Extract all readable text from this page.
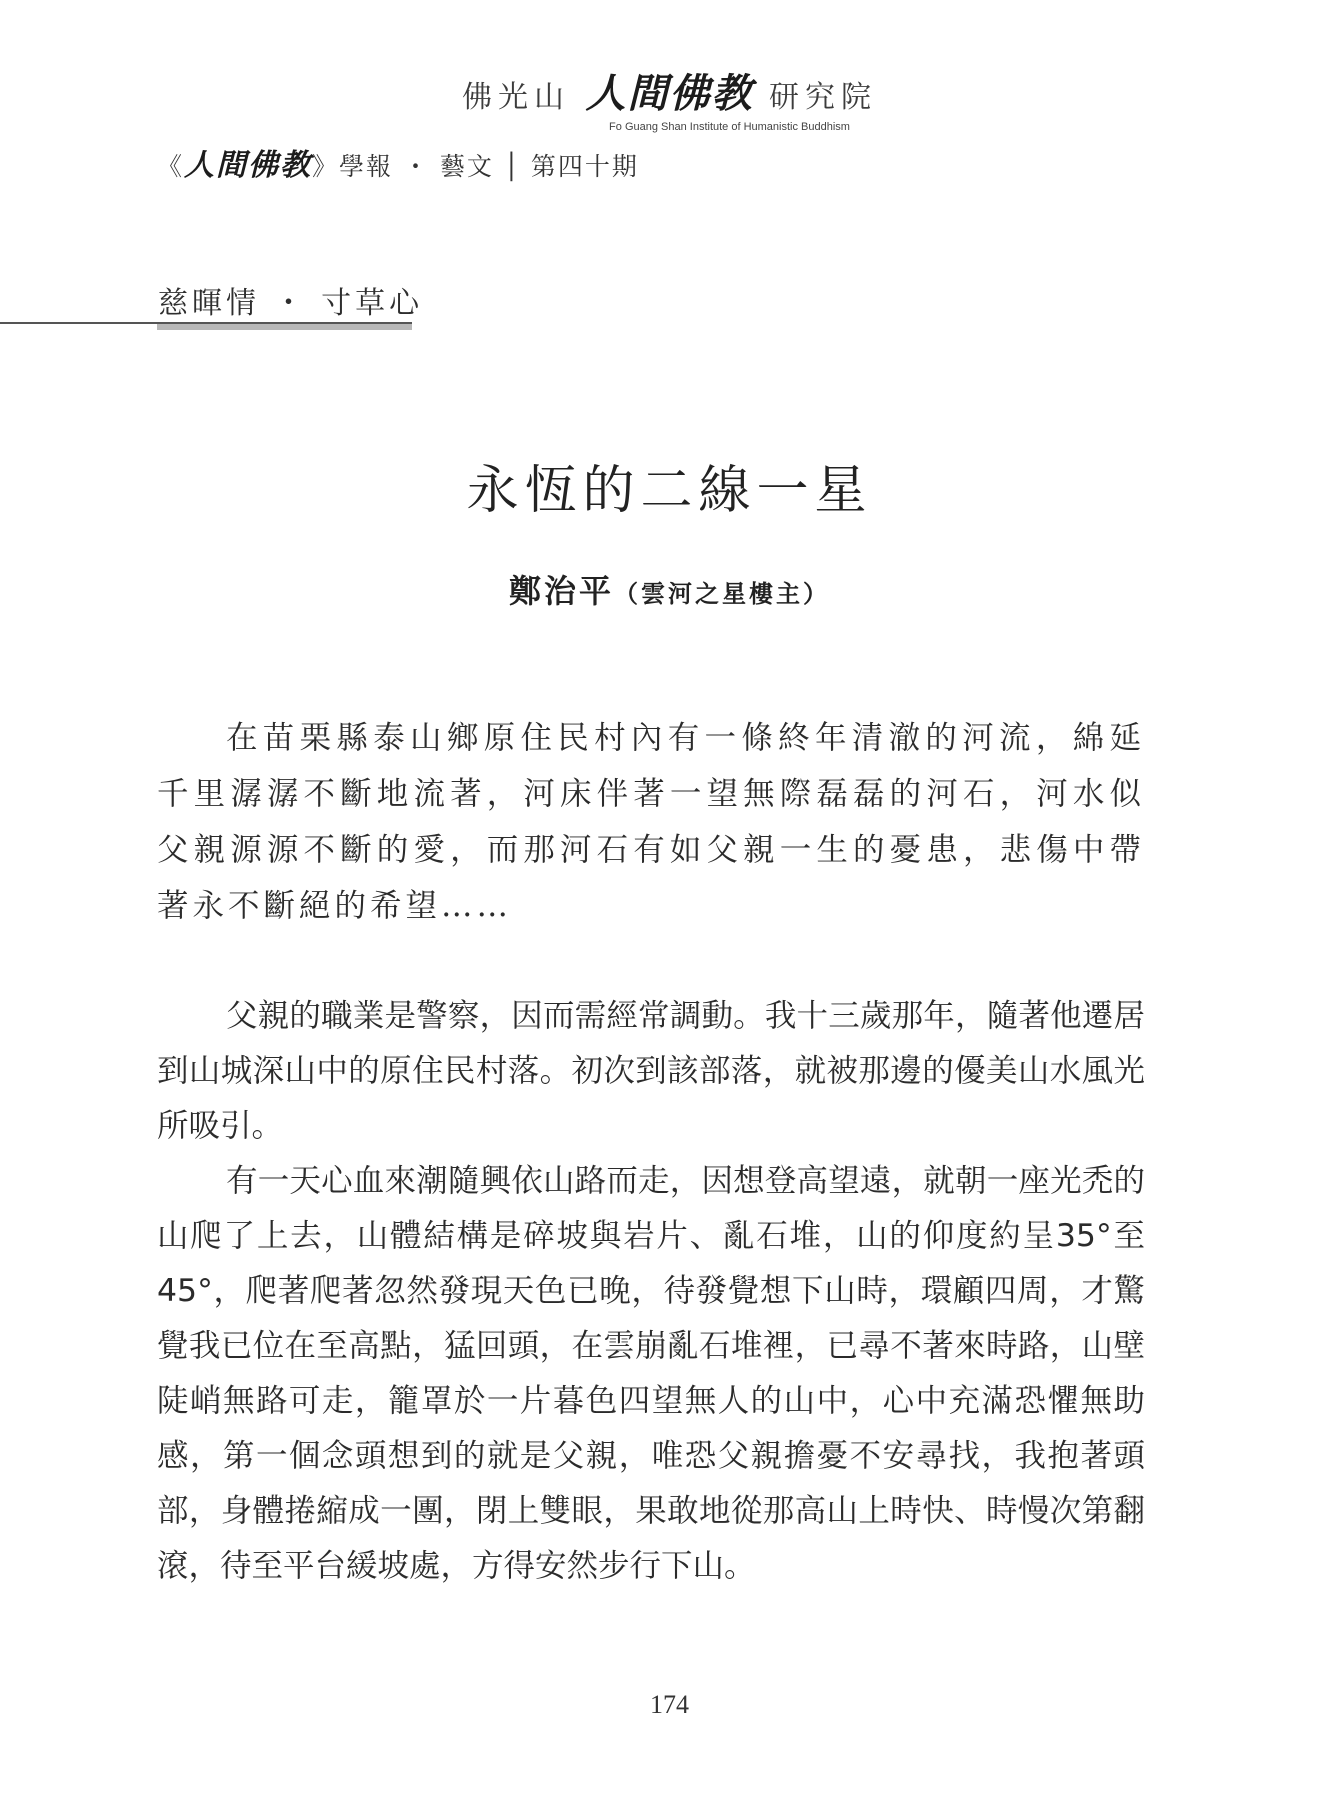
佛光山 人間佛教 研究院
Fo Guang Shan Institute of Humanistic Buddhism
《人間佛教》學報 ・ 藝文 │ 第四十期
慈暉情 ・ 寸草心
永恆的二線一星
鄭治平（雲河之星樓主）

在苗栗縣泰山鄉原住民村內有一條終年清澈的河流，綿延千里潺潺不斷地流著，河床伴著一望無際磊磊的河石，河水似父親源源不斷的愛，而那河石有如父親一生的憂患，悲傷中帶著永不斷絕的希望……

父親的職業是警察，因而需經常調動。我十三歲那年，隨著他遷居到山城深山中的原住民村落。初次到該部落，就被那邊的優美山水風光所吸引。

有一天心血來潮隨興依山路而走，因想登高望遠，就朝一座光禿的山爬了上去，山體結構是碎坡與岩片、亂石堆，山的仰度約呈35°至 45°，爬著爬著忽然發現天色已晚，待發覺想下山時，環顧四周，才驚覺我已位在至高點，猛回頭，在雲崩亂石堆裡，已尋不著來時路，山壁陡峭無路可走，籠罩於一片暮色四望無人的山中，心中充滿恐懼無助感，第一個念頭想到的就是父親，唯恐父親擔憂不安尋找，我抱著頭部，身體捲縮成一團，閉上雙眼，果敢地從那高山上時快、時慢次第翻滾，待至平台緩坡處，方得安然步行下山。

174
